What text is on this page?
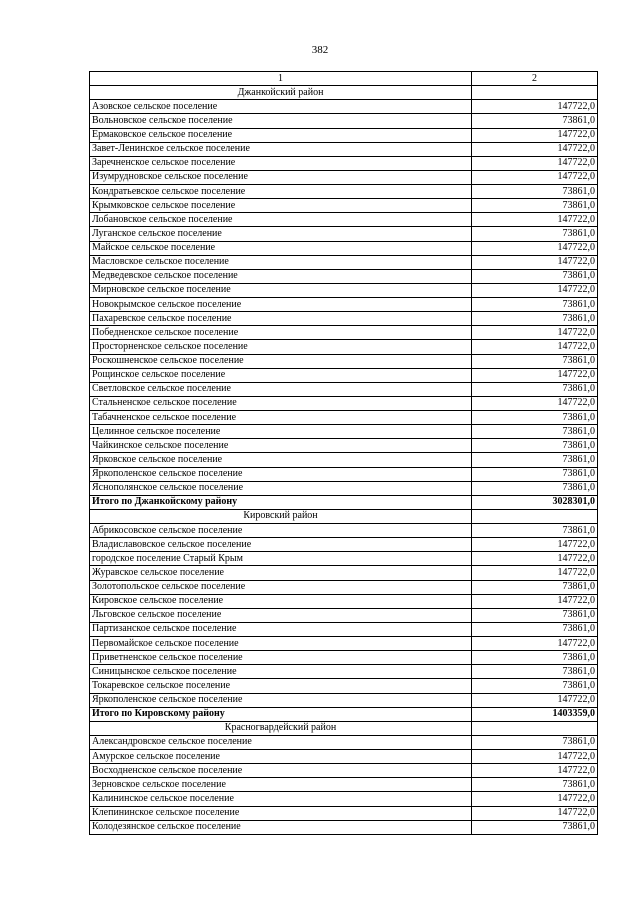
382
1	2
Джанкойский район	
Азовское сельское поселение	147722,0
Вольновское сельское поселение	73861,0
Ермаковское сельское поселение	147722,0
Завет-Ленинское сельское поселение	147722,0
Заречненское сельское поселение	147722,0
Изумрудновское сельское поселение	147722,0
Кондратьевское сельское поселение	73861,0
Крымковское сельское поселение	73861,0
Лобановское сельское поселение	147722,0
Луганское сельское поселение	73861,0
Майское сельское поселение	147722,0
Масловское сельское поселение	147722,0
Медведевское сельское поселение	73861,0
Мирновское сельское поселение	147722,0
Новокрымское сельское поселение	73861,0
Пахаревское сельское поселение	73861,0
Победненское сельское поселение	147722,0
Просторненское сельское поселение	147722,0
Роскошненское сельское поселение	73861,0
Рощинское сельское поселение	147722,0
Светловское сельское поселение	73861,0
Стальненское сельское поселение	147722,0
Табачненское сельское поселение	73861,0
Целинное сельское поселение	73861,0
Чайкинское сельское поселение	73861,0
Ярковское сельское поселение	73861,0
Яркополенское сельское поселение	73861,0
Яснополянское сельское поселение	73861,0
Итого по Джанкойскому району	3028301,0
Кировский район	
Абрикосовское сельское поселение	73861,0
Владиславовское сельское поселение	147722,0
городское поселение Старый Крым	147722,0
Журавское сельское поселение	147722,0
Золотопольское сельское поселение	73861,0
Кировское сельское поселение	147722,0
Льговское сельское поселение	73861,0
Партизанское сельское поселение	73861,0
Первомайское сельское поселение	147722,0
Приветненское сельское поселение	73861,0
Синицынское сельское поселение	73861,0
Токаревское сельское поселение	73861,0
Яркополенское сельское поселение	147722,0
Итого по Кировскому району	1403359,0
Красногвардейский район	
Александровское сельское поселение	73861,0
Амурское сельское поселение	147722,0
Восходненское сельское поселение	147722,0
Зерновское сельское поселение	73861,0
Калининское сельское поселение	147722,0
Клепининское сельское поселение	147722,0
Колодезянское сельское поселение	73861,0
